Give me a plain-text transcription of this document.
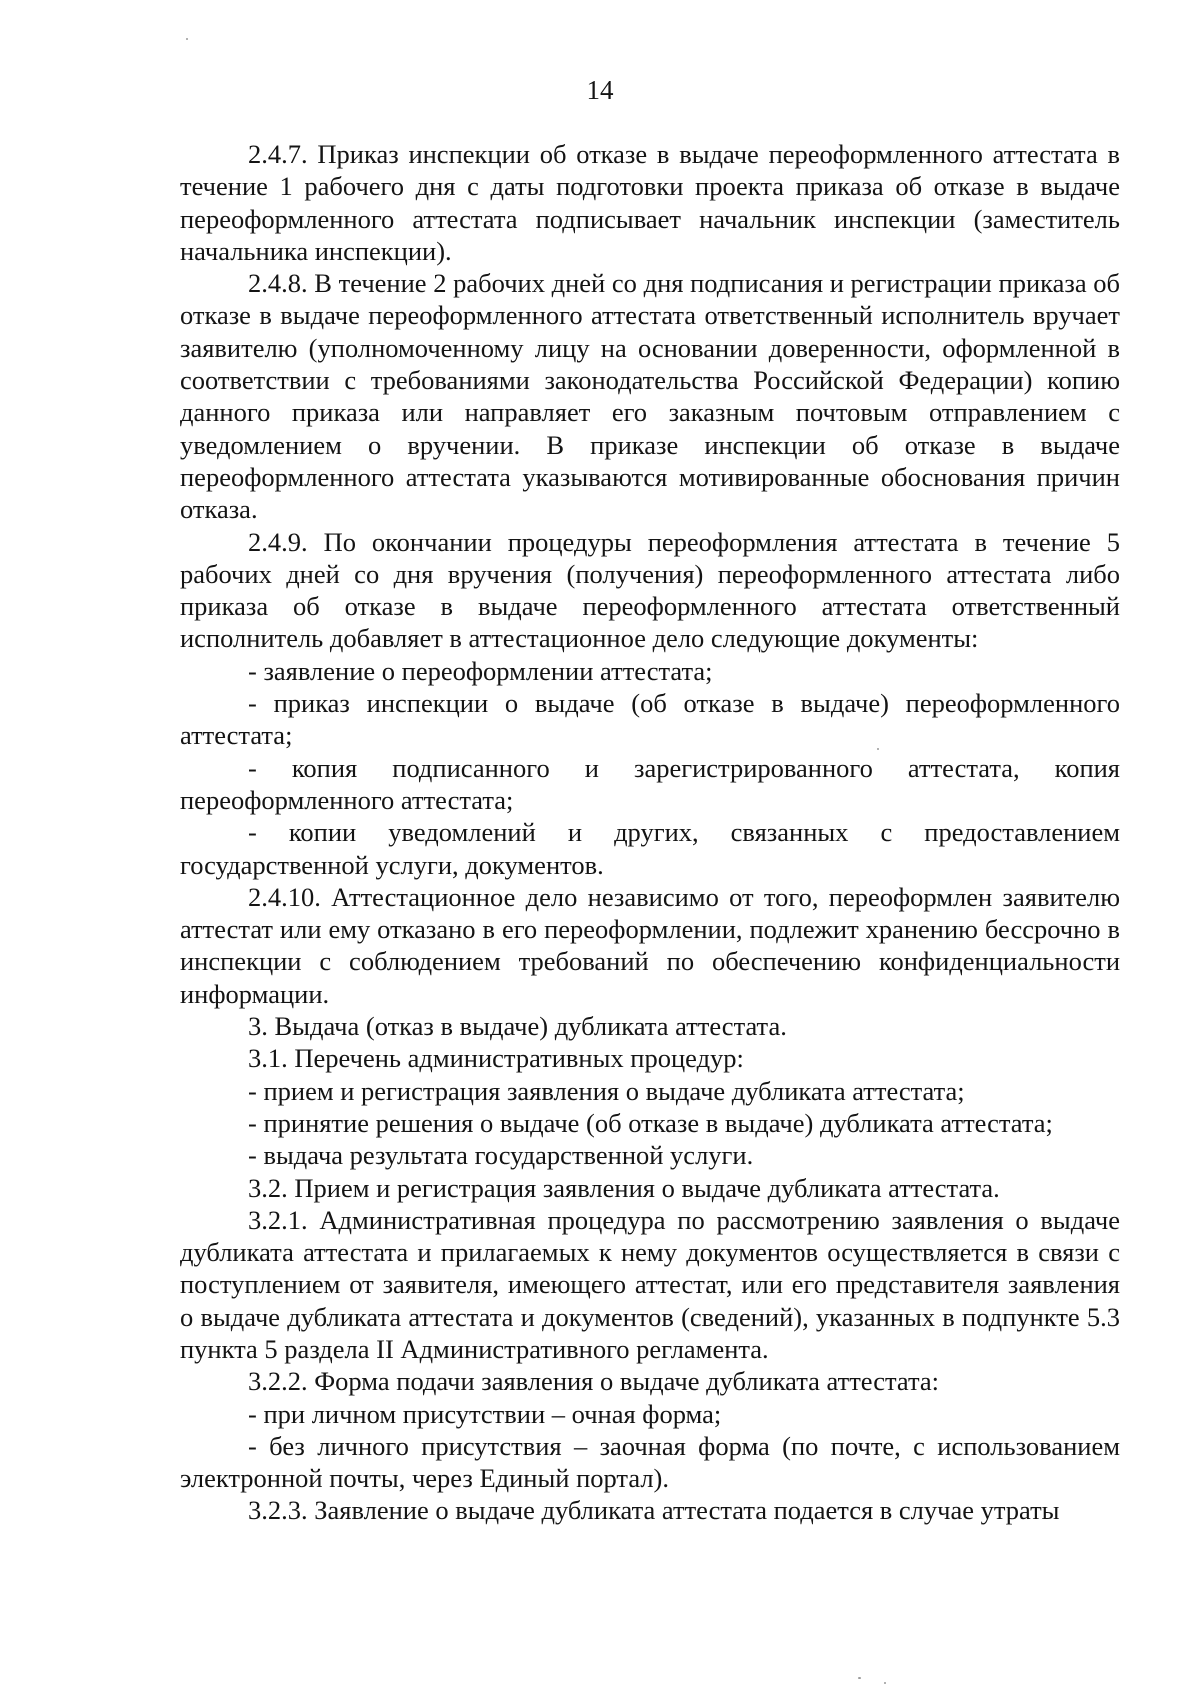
14

2.4.7. Приказ инспекции об отказе в выдаче переоформленного аттестата в течение 1 рабочего дня с даты подготовки проекта приказа об отказе в выдаче переоформленного аттестата подписывает начальник инспекции (заместитель начальника инспекции).

2.4.8. В течение 2 рабочих дней со дня подписания и регистрации приказа об отказе в выдаче переоформленного аттестата ответственный исполнитель вручает заявителю (уполномоченному лицу на основании доверенности, оформленной в соответствии с требованиями законодательства Российской Федерации) копию данного приказа или направляет его заказным почтовым отправлением с уведомлением о вручении. В приказе инспекции об отказе в выдаче переоформленного аттестата указываются мотивированные обоснования причин отказа.

2.4.9. По окончании процедуры переоформления аттестата в течение 5 рабочих дней со дня вручения (получения) переоформленного аттестата либо приказа об отказе в выдаче переоформленного аттестата ответственный исполнитель добавляет в аттестационное дело следующие документы:

- заявление о переоформлении аттестата;

- приказ инспекции о выдаче (об отказе в выдаче) переоформленного аттестата;

- копия подписанного и зарегистрированного аттестата, копия переоформленного аттестата;

- копии уведомлений и других, связанных с предоставлением государственной услуги, документов.

2.4.10. Аттестационное дело независимо от того, переоформлен заявителю аттестат или ему отказано в его переоформлении, подлежит хранению бессрочно в инспекции с соблюдением требований по обеспечению конфиденциальности информации.

3. Выдача (отказ в выдаче) дубликата аттестата.

3.1. Перечень административных процедур:

- прием и регистрация заявления о выдаче дубликата аттестата;

- принятие решения о выдаче (об отказе в выдаче) дубликата аттестата;

- выдача результата государственной услуги.

3.2. Прием и регистрация заявления о выдаче дубликата аттестата.

3.2.1. Административная процедура по рассмотрению заявления о выдаче дубликата аттестата и прилагаемых к нему документов осуществляется в связи с поступлением от заявителя, имеющего аттестат, или его представителя заявления о выдаче дубликата аттестата и документов (сведений), указанных в подпункте 5.3 пункта 5 раздела II Административного регламента.

3.2.2. Форма подачи заявления о выдаче дубликата аттестата:

- при личном присутствии – очная форма;

- без личного присутствия – заочная форма (по почте, с использованием электронной почты, через Единый портал).

3.2.3. Заявление о выдаче дубликата аттестата подается в случае утраты
